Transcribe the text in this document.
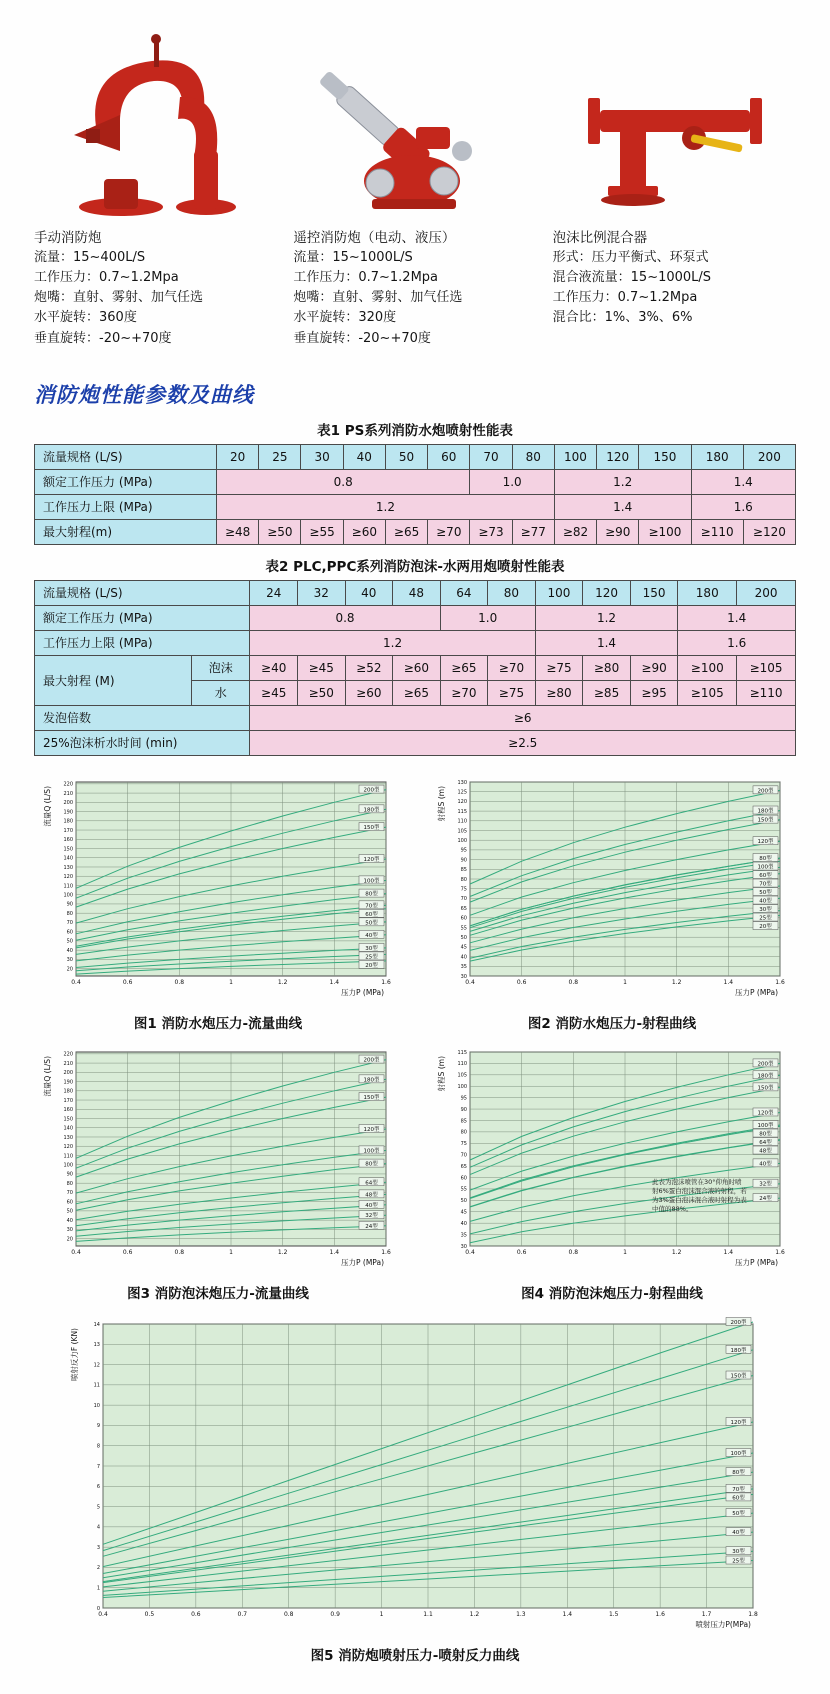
手动消防炮
流量：15~400L/S
工作压力：0.7~1.2Mpa
炮嘴：直射、雾射、加气任选
水平旋转：360度
垂直旋转：-20~+70度
遥控消防炮（电动、液压）
流量：15~1000L/S
工作压力：0.7~1.2Mpa
炮嘴：直射、雾射、加气任选
水平旋转：320度
垂直旋转：-20~+70度
泡沫比例混合器
形式：压力平衡式、环泵式
混合液流量：15~1000L/S
工作压力：0.7~1.2Mpa
混合比：1%、3%、6%
消防炮性能参数及曲线
表1 PS系列消防水炮喷射性能表
流量规格 (L/S)	20	25	30	40	50	60	70	80	100	120	150	180	200
额定工作压力 (MPa)	0.8						1.0		1.2			1.4	
工作压力上限 (MPa)	1.2								1.4			1.6	
最大射程(m)	≥48	≥50	≥55	≥60	≥65	≥70	≥73	≥77	≥82	≥90	≥100	≥110	≥120
表2 PLC,PPC系列消防泡沫-水两用炮喷射性能表
流量规格 (L/S)		24	32	40	48	64	80	100	120	150	180	200
额定工作压力 (MPa)		0.8				1.0		1.2			1.4	
工作压力上限 (MPa)		1.2						1.4			1.6	
最大射程 (M)	泡沫	≥40	≥45	≥52	≥60	≥65	≥70	≥75	≥80	≥90	≥100	≥105
	水	≥45	≥50	≥60	≥65	≥70	≥75	≥80	≥85	≥95	≥105	≥110
发泡倍数		≥6										
25%泡沫析水时间 (min)		≥2.5										
20
30
40
50
60
70
80
90
100
110
120
130
140
150
160
170
180
190
200
210
220
0.4	0.6	0.8	1	1.2	1.4	1.6
200型
180型
150型
120型
100型
80型
70型
60型
50型
40型
30型
25型
20型
压力P (MPa)
流量Q (L/S)
图1 消防水炮压力-流量曲线
30
35
40
45
50
55
60
65
70
75
80
85
90
95
100
105
110
115
120
125
130
0.4	0.6	0.8	1	1.2	1.4	1.6
200型
180型
150型
120型
80型
100型
60型
70型
50型
40型
30型
25型
20型
压力P (MPa)
射程S (m)
图2 消防水炮压力-射程曲线
20
30
40
50
60
70
80
90
100
110
120
130
140
150
160
170
180
190
200
210
220
0.4	0.6	0.8	1	1.2	1.4	1.6
200型
180型
150型
120型
100型
80型
64型
48型
40型
32型
24型
压力P (MPa)
流量Q (L/S)
图3 消防泡沫炮压力-流量曲线
30
35
40
45
50
55
60
65
70
75
80
85
90
95
100
105
110
115
0.4	0.6	0.8	1	1.2	1.4	1.6
200型
180型
150型
120型
100型
80型
64型
48型
40型
32型
24型
压力P (MPa)
射程S (m)
此表为泡沫喷管在30°仰角时喷射6%蛋白泡沫混合液的射程，若为3%蛋白泡沫混合液时射程为表中值的88%。
图4 消防泡沫炮压力-射程曲线
0
1
2
3
4
5
6
7
8
9
10
11
12
13
14
0.4	0.5	0.6	0.7	0.8	0.9	1	1.1	1.2	1.3	1.4	1.5	1.6	1.7	1.8
200型
180型
150型
120型
100型
80型
70型
60型
50型
40型
30型
25型
喷射压力P(MPa)
喷射反力F (KN)
图5 消防炮喷射压力-喷射反力曲线
